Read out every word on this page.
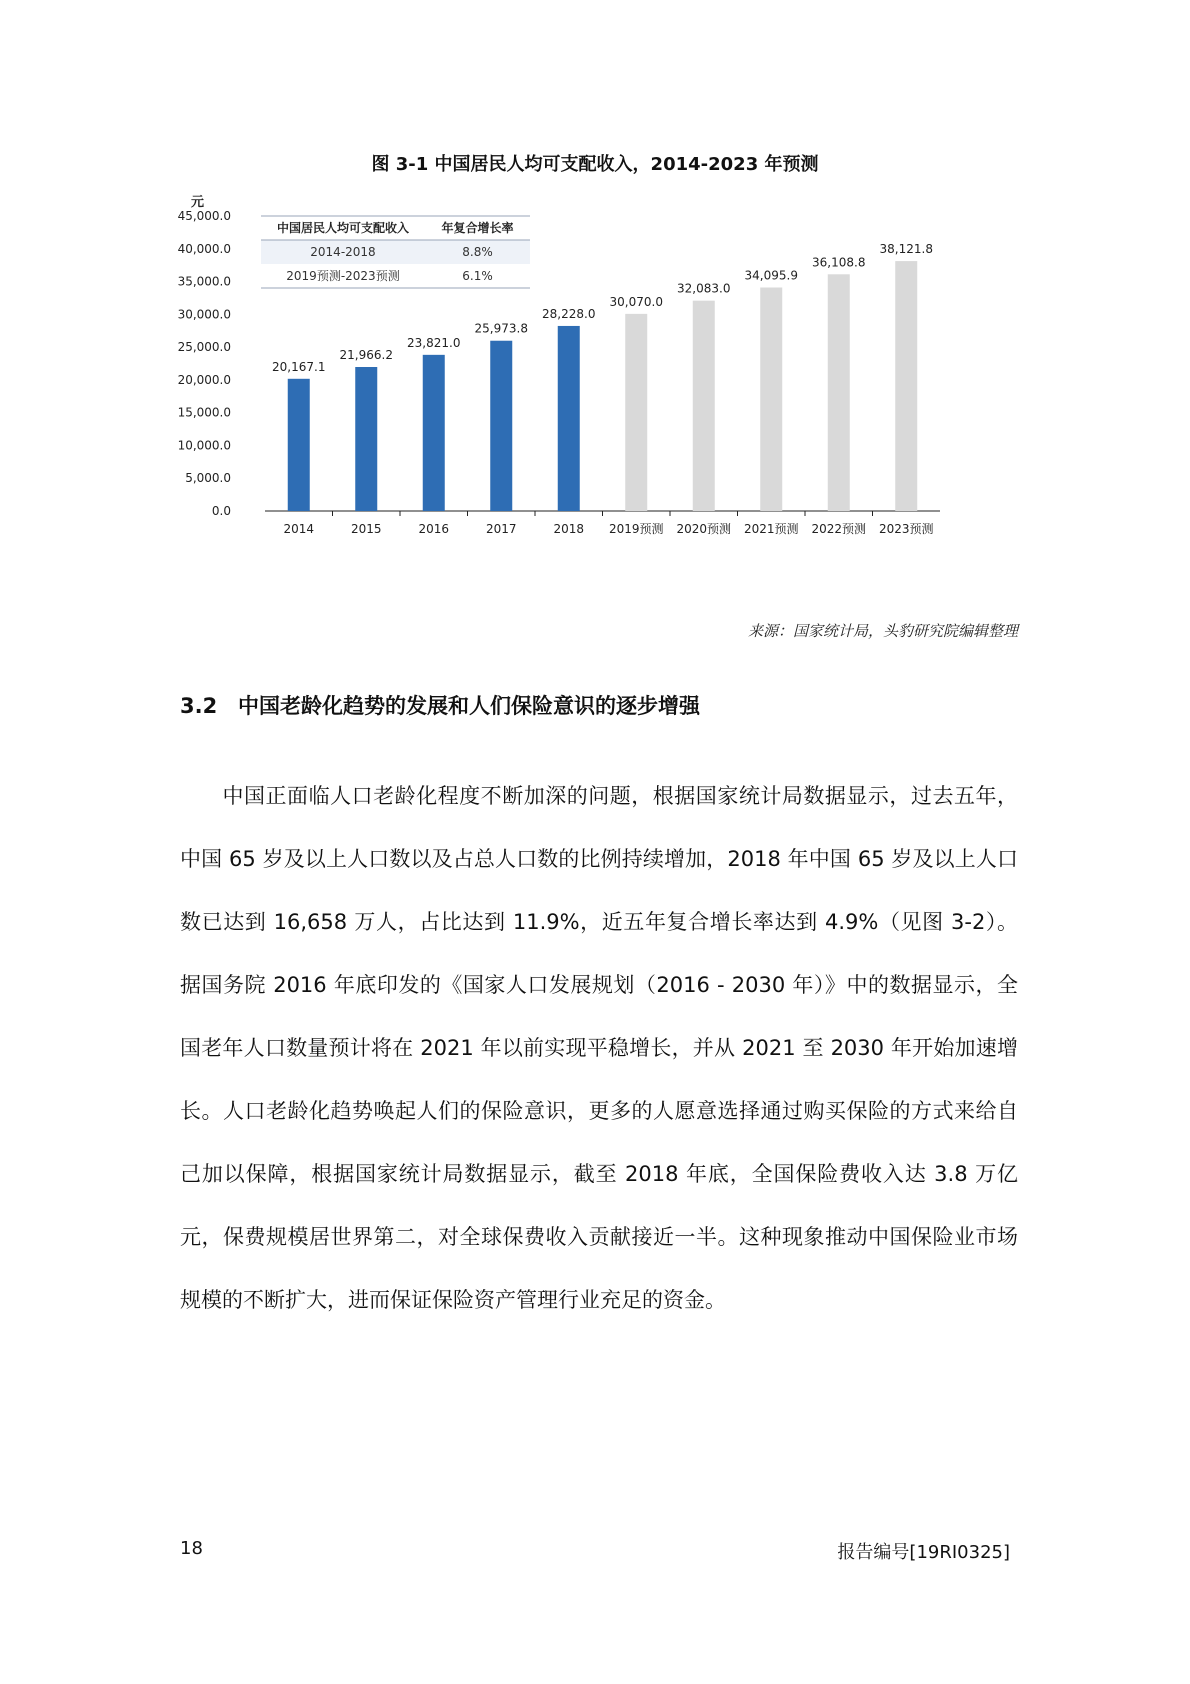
图 3-1 中国居民人均可支配收入，2014-2023 年预测
元
0.0
5,000.0
10,000.0
15,000.0
20,000.0
25,000.0
30,000.0
35,000.0
40,000.0
45,000.0
20,167.1
21,966.2
23,821.0
25,973.8
28,228.0
30,070.0
32,083.0
34,095.9
36,108.8
38,121.8
2014	2015	2016	2017	2018 2019预测 2020预测 2021预测 2022预测 2023预测
中国居民人均可支配收入	年复合增长率
2014-2018	8.8%
2019预测-2023预测	6.1%
来源：国家统计局，头豹研究院编辑整理
3.2 中国老龄化趋势的发展和人们保险意识的逐步增强

中国正面临人口老龄化程度不断加深的问题，根据国家统计局数据显示，过去五年，中国 65 岁及以上人口数以及占总人口数的比例持续增加，2018 年中国 65 岁及以上人口数已达到 16,658 万人，占比达到 11.9%，近五年复合增长率达到 4.9%（见图 3-2）。据国务院 2016 年底印发的《国家人口发展规划（2016 - 2030 年）》中的数据显示，全国老年人口数量预计将在 2021 年以前实现平稳增长，并从 2021 至 2030 年开始加速增长。人口老龄化趋势唤起人们的保险意识，更多的人愿意选择通过购买保险的方式来给自己加以保障，根据国家统计局数据显示，截至 2018 年底，全国保险费收入达 3.8 万亿元，保费规模居世界第二，对全球保费收入贡献接近一半。这种现象推动中国保险业市场规模的不断扩大，进而保证保险资产管理行业充足的资金。

18	报告编号[19RI0325]
